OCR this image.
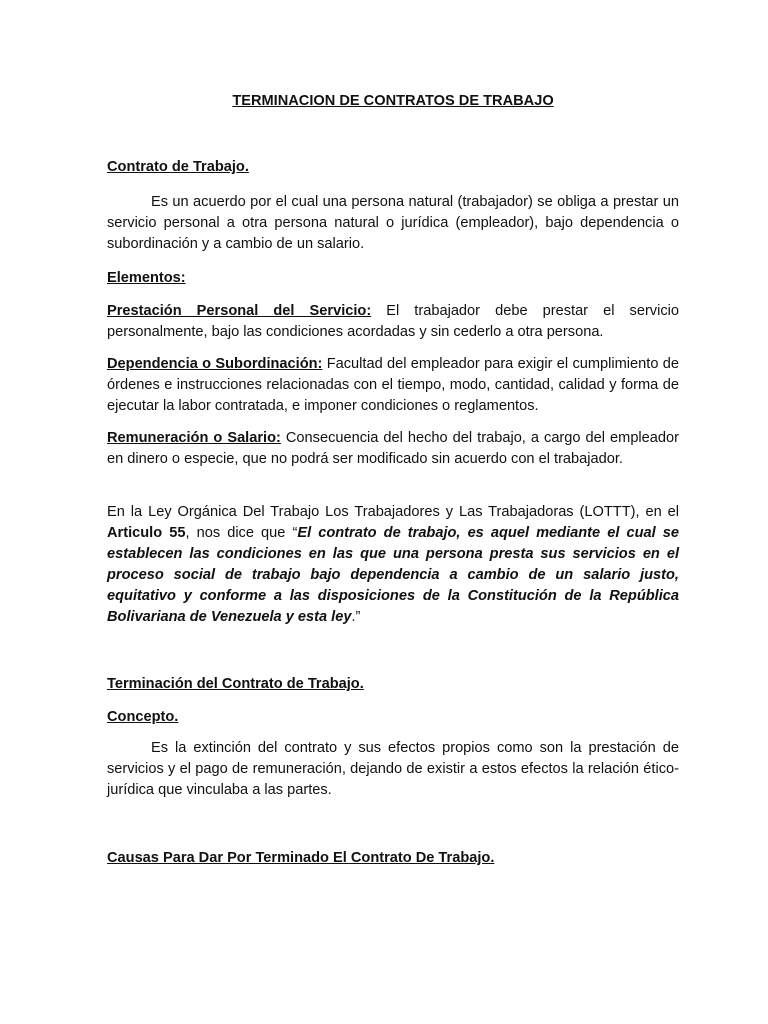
TERMINACION DE CONTRATOS DE TRABAJO

Contrato de Trabajo.

Es un acuerdo por el cual una persona natural (trabajador) se obliga a prestar un servicio personal a otra persona natural o jurídica (empleador), bajo dependencia o subordinación y a cambio de un salario.

Elementos:

Prestación Personal del Servicio: El trabajador debe prestar el servicio personalmente, bajo las condiciones acordadas y sin cederlo a otra persona.

Dependencia o Subordinación: Facultad del empleador para exigir el cumplimiento de órdenes e instrucciones relacionadas con el tiempo, modo, cantidad, calidad y forma de ejecutar la labor contratada, e imponer condiciones o reglamentos.

Remuneración o Salario: Consecuencia del hecho del trabajo, a cargo del empleador en dinero o especie, que no podrá ser modificado sin acuerdo con el trabajador.

En la Ley Orgánica Del Trabajo Los Trabajadores y Las Trabajadoras (LOTTT), en el Articulo 55, nos dice que “El contrato de trabajo, es aquel mediante el cual se establecen las condiciones en las que una persona presta sus servicios en el proceso social de trabajo bajo dependencia a cambio de un salario justo, equitativo y conforme a las disposiciones de la Constitución de la República Bolivariana de Venezuela y esta ley.”

Terminación del Contrato de Trabajo.

Concepto.

Es la extinción del contrato y sus efectos propios como son la prestación de servicios y el pago de remuneración, dejando de existir a estos efectos la relación ético-jurídica que vinculaba a las partes.

Causas Para Dar Por Terminado El Contrato De Trabajo.
